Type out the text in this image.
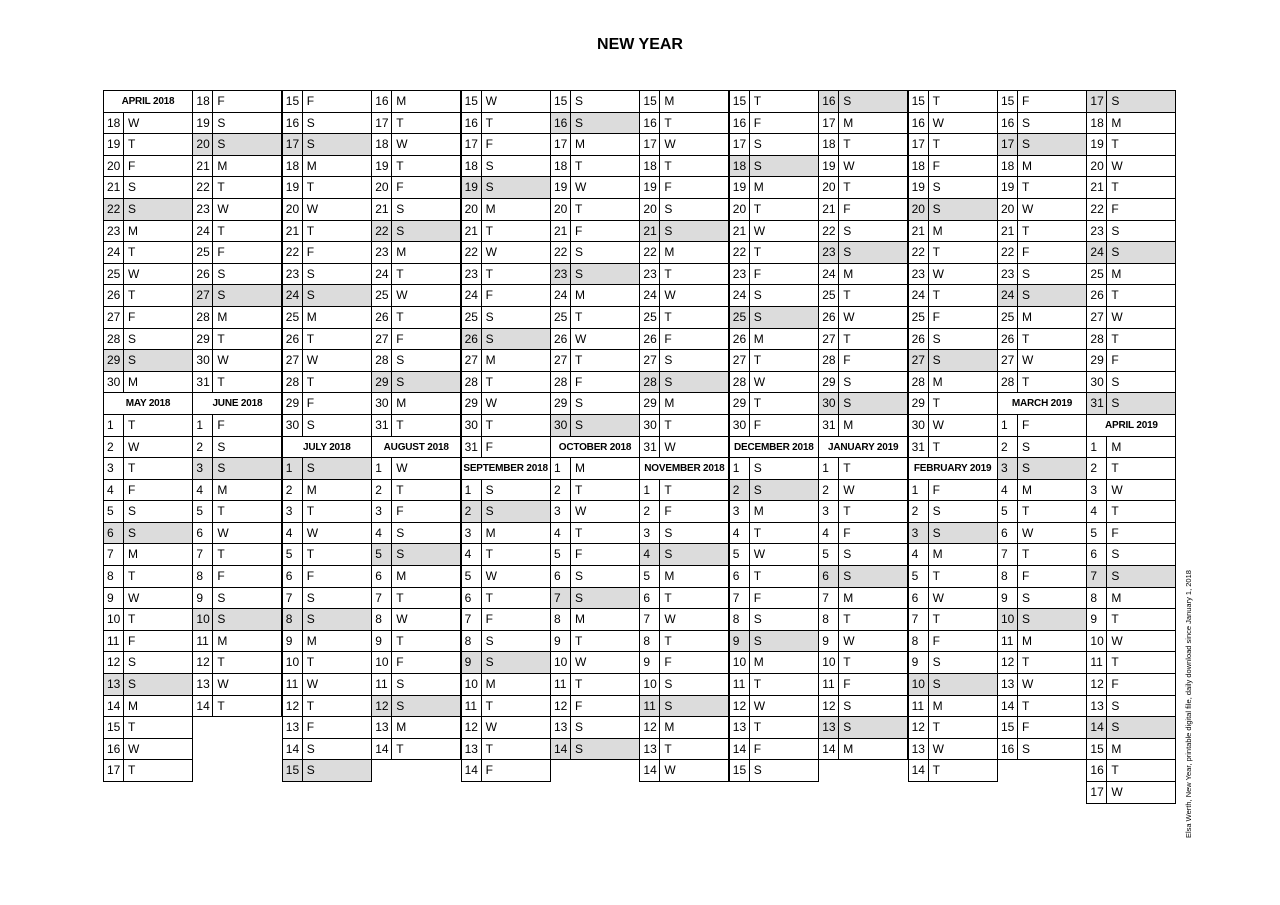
NEW YEAR
APRIL 2018
18 W
19 T
20 F
21 S
22 S
23 M
24 T
25 W
26 T
27 F
28 S
29 S
30 M
MAY 2018
1	T
2	W
3	T
4	F
5	S
6	S
7	M
8	T
9	W
10 T
11 F
12 S
13 S
14 M
15 T
16 W
17 T
18 F
19 S
20 S
21 M
22 T
23 W
24 T
25 F
26 S
27 S
28 M
29 T
30 W
31 T
JUNE 2018
1	F
2	S
3	S
4	M
5	T
6	W
7	T
8	F
9	S
10 S
11 M
12 T
13 W
14 T
15 F
16 S
17 S
18 M
19 T
20 W
21 T
22 F
23 S
24 S
25 M
26 T
27 W
28 T
29 F
30 S
JULY 2018
1	S
2	M
3	T
4	W
5	T
6	F
7	S
8	S
9	M
10 T
11 W
12 T
13 F
14 S
15 S
16 M
17 T
18 W
19 T
20 F
21 S
22 S
23 M
24 T
25 W
26 T
27 F
28 S
29 S
30 M
31 T
AUGUST 2018
1	W
2	T
3	F
4	S
5	S
6	M
7	T
8	W
9	T
10 F
11 S
12 S
13 M
14 T
15 W
16 T
17 F
18 S
19 S
20 M
21 T
22 W
23 T
24 F
25 S
26 S
27 M
28 T
29 W
30 T
31 F
SEPTEMBER 2018
1	S
2	S
3	M
4	T
5	W
6	T
7	F
8	S
9	S
10 M
11 T
12 W
13 T
14 F
15 S
16 S
17 M
18 T
19 W
20 T
21 F
22 S
23 S
24 M
25 T
26 W
27 T
28 F
29 S
30 S
OCTOBER 2018
1	M
2	T
3	W
4	T
5	F
6	S
7	S
8	M
9	T
10 W
11 T
12 F
13 S
14 S
15 M
16 T
17 W
18 T
19 F
20 S
21 S
22 M
23 T
24 W
25 T
26 F
27 S
28 S
29 M
30 T
31 W
NOVEMBER 2018
1	T
2	F
3	S
4	S
5	M
6	T
7	W
8	T
9	F
10 S
11 S
12 M
13 T
14 W
15 T
16 F
17 S
18 S
19 M
20 T
21 W
22 T
23 F
24 S
25 S
26 M
27 T
28 W
29 T
30 F
DECEMBER 2018
1	S
2	S
3	M
4	T
5	W
6	T
7	F
8	S
9	S
10 M
11 T
12 W
13 T
14 F
15 S
16 S
17 M
18 T
19 W
20 T
21 F
22 S
23 S
24 M
25 T
26 W
27 T
28 F
29 S
30 S
31 M
JANUARY 2019
1	T
2	W
3	T
4	F
5	S
6	S
7	M
8	T
9	W
10 T
11 F
12 S
13 S
14 M
15 T
16 W
17 T
18 F
19 S
20 S
21 M
22 T
23 W
24 T
25 F
26 S
27 S
28 M
29 T
30 W
31 T
FEBRUARY 2019
1	F
2	S
3	S
4	M
5	T
6	W
7	T
8	F
9	S
10 S
11 M
12 T
13 W
14 T
15 F
16 S
17 S
18 M
19 T
20 W
21 T
22 F
23 S
24 S
25 M
26 T
27 W
28 T
MARCH 2019
1	F
2	S
3	S
4	M
5	T
6	W
7	T
8	F
9	S
10 S
11 M
12 T
13 W
14 T
15 F
16 S
17 S
18 M
19 T
20 W
21 T
22 F
23 S
24 S
25 M
26 T
27 W
28 T
29 F
30 S
31 S
APRIL 2019
1	M
2	T
3	W
4	T
5	F
6	S
7	S
8	M
9	T
10 W
11 T
12 F
13 S
14 S
15 M
16 T
17 W	Elsa Werth, New Year, printable digital file, daily download since January 1, 2018
